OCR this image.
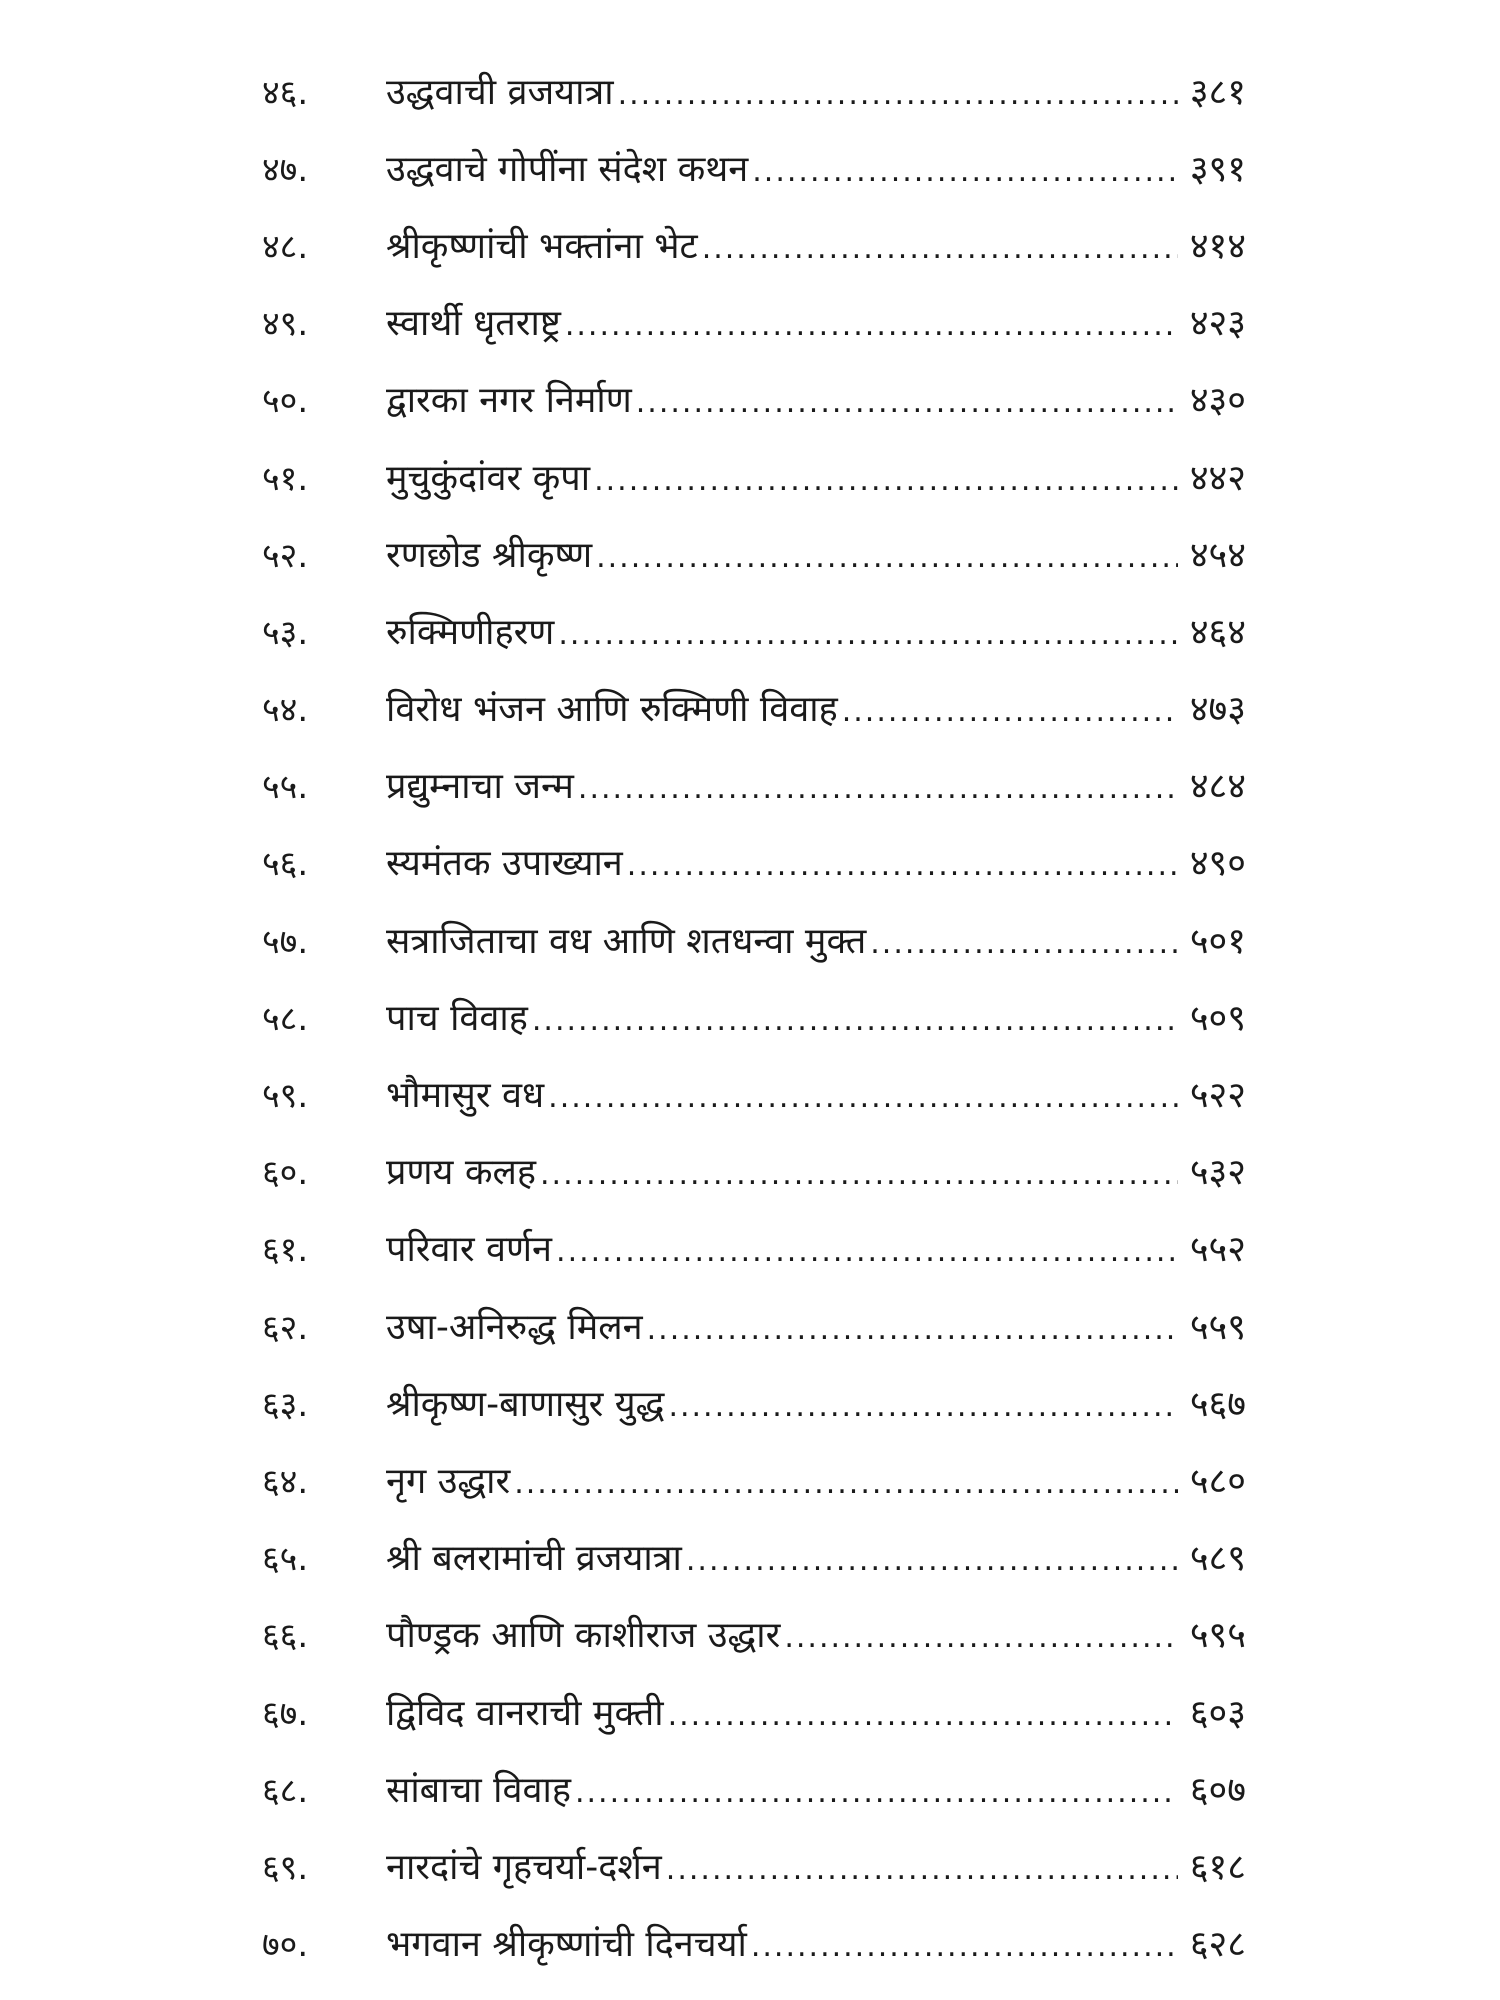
४६.	उद्धवाची व्रजयात्रा .....	३८१
४७.	उद्धवाचे गोपींना संदेश कथन .....	३९१
४८.	श्रीकृष्णांची भक्तांना भेट .....	४१४
४९.	स्वार्थी धृतराष्ट्र .....	४२३
५०.	द्वारका नगर निर्माण .....	४३०
५१.	मुचुकुंदांवर कृपा .....	४४२
५२.	रणछोड श्रीकृष्ण .....	४५४
५३.	रुक्मिणीहरण .....	४६४
५४.	विरोध भंजन आणि रुक्मिणी विवाह .....	४७३
५५.	प्रद्युम्नाचा जन्म .....	४८४
५६.	स्यमंतक उपाख्यान .....	४९०
५७.	सत्राजिताचा वध आणि शतधन्वा मुक्त .....	५०१
५८.	पाच विवाह .....	५०९
५९.	भौमासुर वध .....	५२२
६०.	प्रणय कलह .....	५३२
६१.	परिवार वर्णन .....	५५२
६२.	उषा-अनिरुद्ध मिलन .....	५५९
६३.	श्रीकृष्ण-बाणासुर युद्ध .....	५६७
६४.	नृग उद्धार .....	५८०
६५.	श्री बलरामांची व्रजयात्रा .....	५८९
६६.	पौण्ड्रक आणि काशीराज उद्धार .....	५९५
६७.	द्विविद वानराची मुक्ती .....	६०३
६८.	सांबाचा विवाह .....	६०७
६९.	नारदांचे गृहचर्या-दर्शन .....	६१८
७०.	भगवान श्रीकृष्णांची दिनचर्या .....	६२८
